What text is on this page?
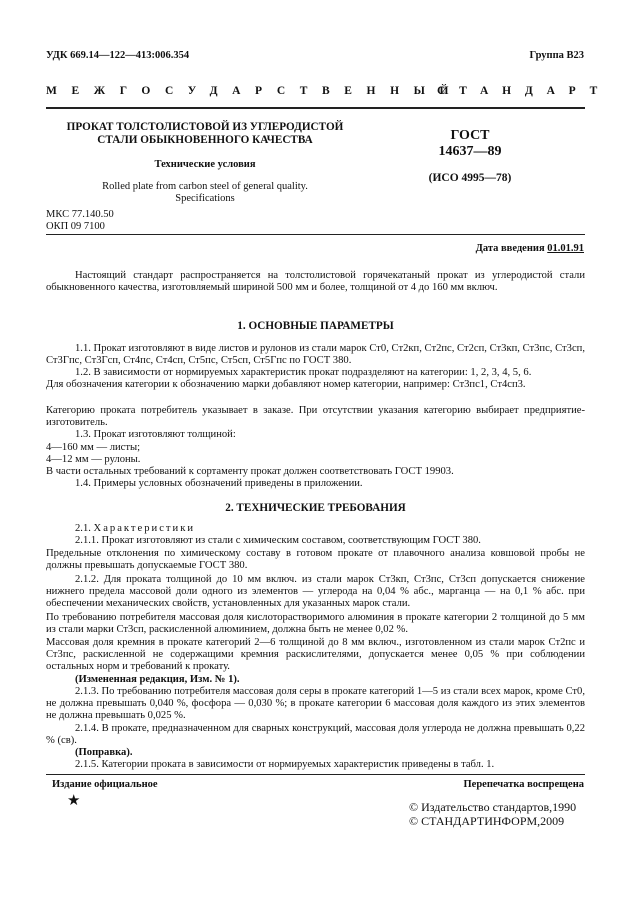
УДК 669.14—122—413:006.354	Группа В23
МЕЖГОСУДАРСТВЕННЫЙ
СТАНДАРТ
ПРОКАТ ТОЛСТОЛИСТОВОЙ ИЗ УГЛЕРОДИСТОЙ
СТАЛИ ОБЫКНОВЕННОГО КАЧЕСТВА
Технические условия
Rolled plate from carbon steel of general quality.
Specifications
ГОСТ
14637—89
(ИСО 4995—78)
МКС 77.140.50
ОКП 09 7100
Дата введения 01.01.91
Настоящий стандарт распространяется на толстолистовой горячекатаный прокат из углеродистой стали обыкновенного качества, изготовляемый шириной 500 мм и более, толщиной от 4 до 160 мм включ.
1. ОСНОВНЫЕ ПАРАМЕТРЫ
1.1. Прокат изготовляют в виде листов и рулонов из стали марок Ст0, Ст2кп, Ст2пс, Ст2сп, Ст3кп, Ст3пс, Ст3сп, Ст3Гпс, Ст3Гсп, Ст4пс, Ст4сп, Ст5пс, Ст5сп, Ст5Гпс по ГОСТ 380.
1.2. В зависимости от нормируемых характеристик прокат подразделяют на категории: 1, 2, 3, 4, 5, 6.
Для обозначения категории к обозначению марки добавляют номер категории, например: Ст3пс1, Ст4сп3.
Категорию проката потребитель указывает в заказе. При отсутствии указания категорию выбирает предприятие-изготовитель.
1.3. Прокат изготовляют толщиной:
4—160 мм — листы;
4—12 мм — рулоны.
В части остальных требований к сортаменту прокат должен соответствовать ГОСТ 19903.
1.4. Примеры условных обозначений приведены в приложении.
2. ТЕХНИЧЕСКИЕ ТРЕБОВАНИЯ
2.1. Характеристики
2.1.1. Прокат изготовляют из стали с химическим составом, соответствующим ГОСТ 380.
Предельные отклонения по химическому составу в готовом прокате от плавочного анализа ковшовой пробы не должны превышать допускаемые ГОСТ 380.
2.1.2. Для проката толщиной до 10 мм включ. из стали марок Ст3кп, Ст3пс, Ст3сп допускается снижение нижнего предела массовой доли одного из элементов — углерода на 0,04 % абс., марганца — на 0,1 % абс. при обеспечении механических свойств, установленных для указанных марок стали.
По требованию потребителя массовая доля кислоторастворимого алюминия в прокате категории 2 толщиной до 5 мм из стали марки Ст3сп, раскисленной алюминием, должна быть не менее 0,02 %.
Массовая доля кремния в прокате категорий 2—6 толщиной до 8 мм включ., изготовленном из стали марок Ст2пс и Ст3пс, раскисленной не содержащими кремния раскислителями, допускается менее 0,05 % при соблюдении остальных норм и требований к прокату.
(Измененная редакция, Изм. № 1).
2.1.3. По требованию потребителя массовая доля серы в прокате категорий 1—5 из стали всех марок, кроме Ст0, не должна превышать 0,040 %, фосфора — 0,030 %; в прокате категории 6 массовая доля каждого из этих элементов не должна превышать 0,025 %.
2.1.4. В прокате, предназначенном для сварных конструкций, массовая доля углерода не должна превышать 0,22 % (св).
(Поправка).
2.1.5. Категории проката в зависимости от нормируемых характеристик приведены в табл. 1.
Издание официальное	Перепечатка воспрещена
★	© Издательство стандартов,1990
© СТАНДАРТИНФОРМ,2009
